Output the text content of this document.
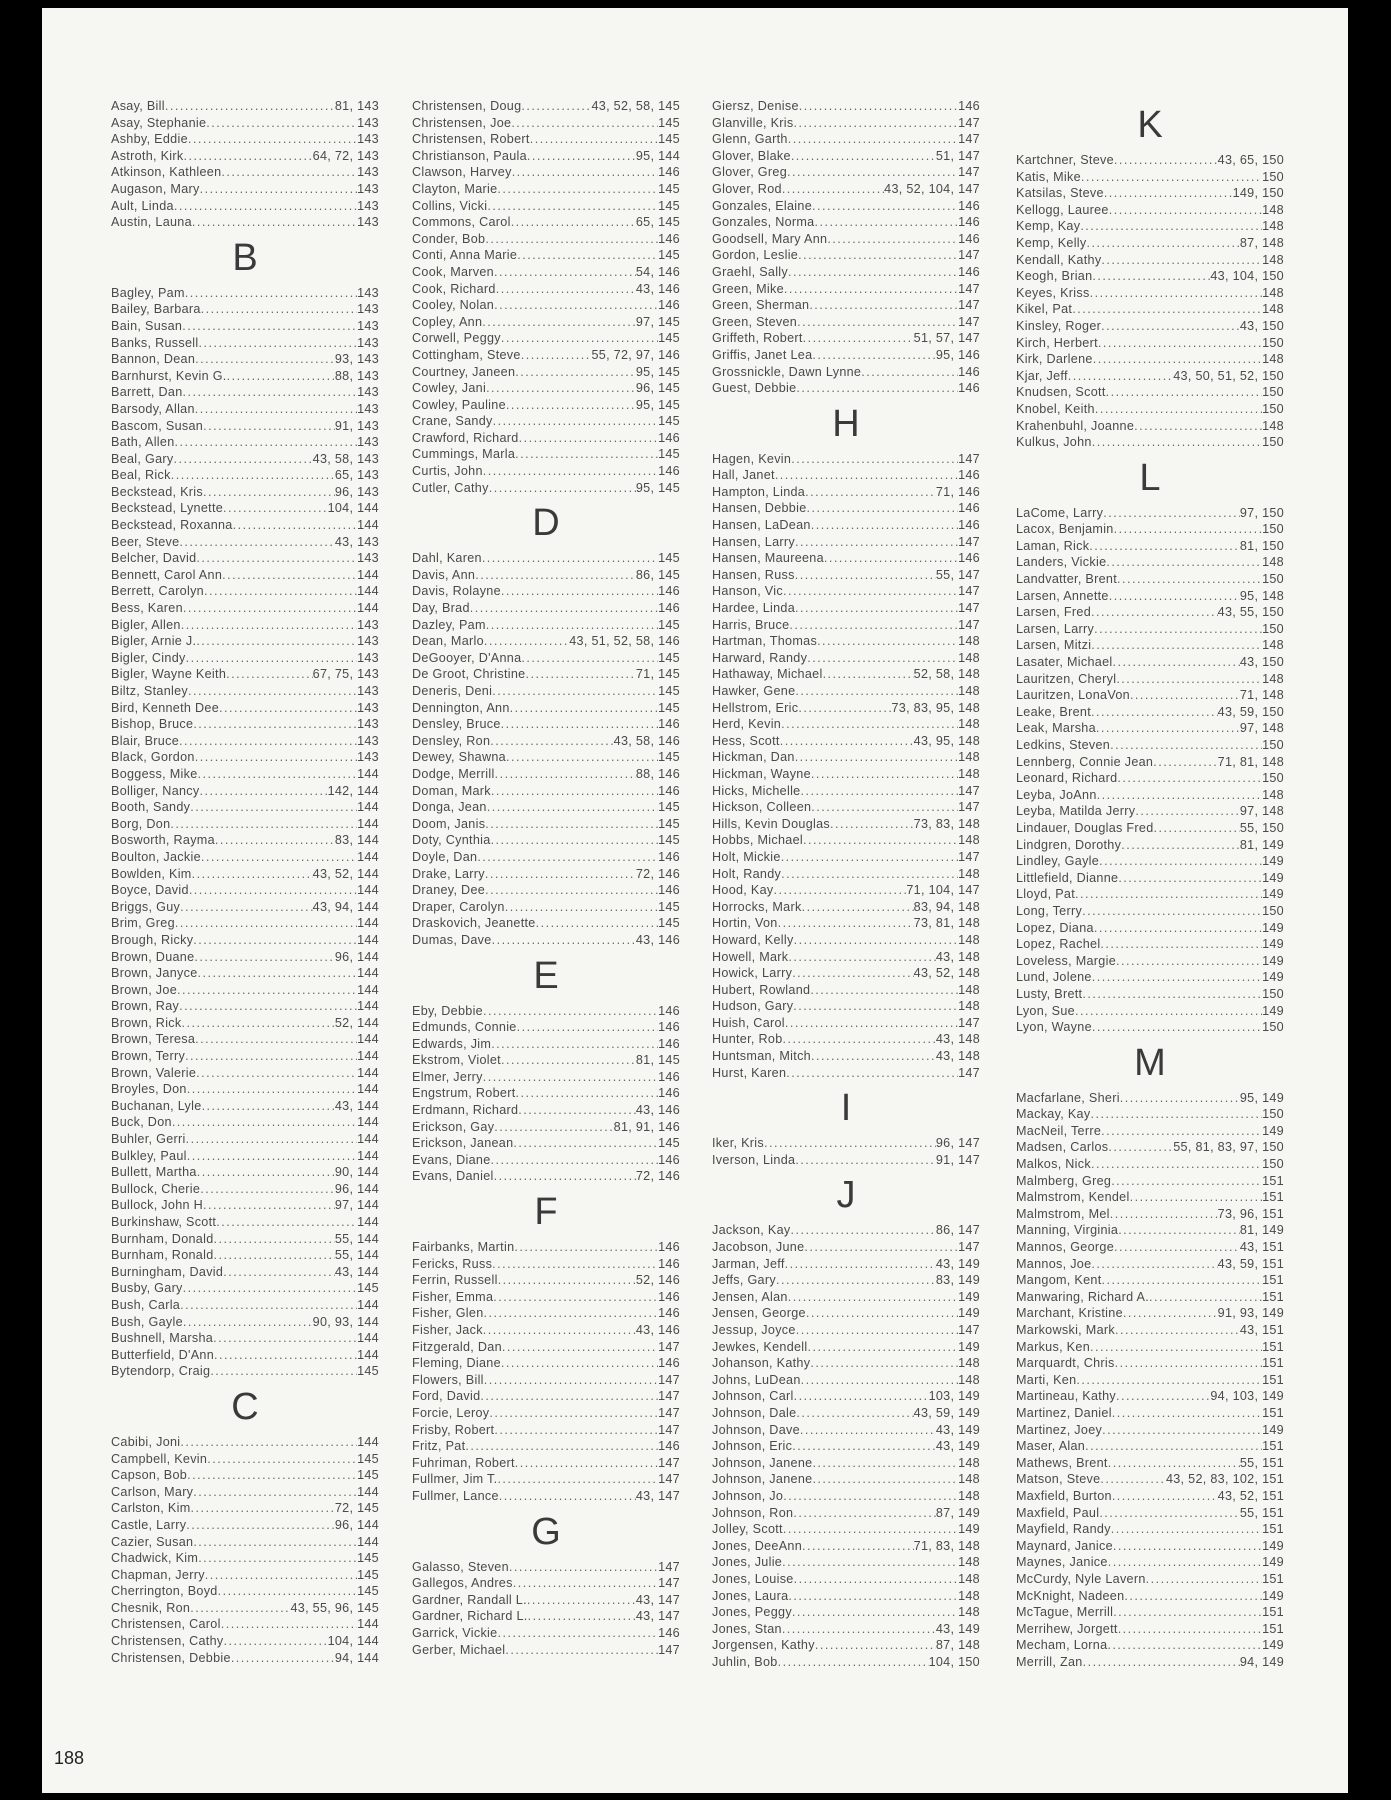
Asay, Bill .....	81, 143
Asay, Stephanie .....	143
Ashby, Eddie .....	143
Astroth, Kirk .....	64, 72, 143
Atkinson, Kathleen .....	143
Augason, Mary .....	143
Ault, Linda .....	143
Austin, Launa .....	143
B
Bagley, Pam .....	143
Bailey, Barbara .....	143
Bain, Susan .....	143
Banks, Russell .....	143
Bannon, Dean .....	93, 143
Barnhurst, Kevin G. .....	88, 143
Barrett, Dan .....	143
Barsody, Allan .....	143
Bascom, Susan .....	91, 143
Bath, Allen .....	143
Beal, Gary .....	43, 58, 143
Beal, Rick .....	65, 143
Beckstead, Kris .....	96, 143
Beckstead, Lynette .....	104, 144
Beckstead, Roxanna .....	144
Beer, Steve .....	43, 143
Belcher, David .....	143
Bennett, Carol Ann .....	144
Berrett, Carolyn .....	144
Bess, Karen .....	144
Bigler, Allen .....	143
Bigler, Arnie J. .....	143
Bigler, Cindy .....	143
Bigler, Wayne Keith .....	67, 75, 143
Biltz, Stanley .....	143
Bird, Kenneth Dee .....	143
Bishop, Bruce .....	143
Blair, Bruce .....	143
Black, Gordon .....	143
Boggess, Mike .....	144
Bolliger, Nancy .....	142, 144
Booth, Sandy .....	144
Borg, Don .....	144
Bosworth, Rayma .....	83, 144
Boulton, Jackie .....	144
Bowlden, Kim .....	43, 52, 144
Boyce, David .....	144
Briggs, Guy .....	43, 94, 144
Brim, Greg .....	144
Brough, Ricky .....	144
Brown, Duane .....	96, 144
Brown, Janyce .....	144
Brown, Joe .....	144
Brown, Ray .....	144
Brown, Rick .....	52, 144
Brown, Teresa .....	144
Brown, Terry .....	144
Brown, Valerie .....	144
Broyles, Don .....	144
Buchanan, Lyle .....	43, 144
Buck, Don .....	144
Buhler, Gerri .....	144
Bulkley, Paul .....	144
Bullett, Martha .....	90, 144
Bullock, Cherie .....	96, 144
Bullock, John H .....	97, 144
Burkinshaw, Scott .....	144
Burnham, Donald .....	55, 144
Burnham, Ronald .....	55, 144
Burningham, David .....	43, 144
Busby, Gary .....	145
Bush, Carla .....	144
Bush, Gayle .....	90, 93, 144
Bushnell, Marsha .....	144
Butterfield, D'Ann .....	144
Bytendorp, Craig .....	145
C
Cabibi, Joni .....	144
Campbell, Kevin .....	145
Capson, Bob .....	145
Carlson, Mary .....	144
Carlston, Kim .....	72, 145
Castle, Larry .....	96, 144
Cazier, Susan .....	144
Chadwick, Kim .....	145
Chapman, Jerry .....	145
Cherrington, Boyd .....	145
Chesnik, Ron .....	43, 55, 96, 145
Christensen, Carol .....	144
Christensen, Cathy .....	104, 144
Christensen, Debbie .....	94, 144
Christensen, Doug .....	43, 52, 58, 145
Christensen, Joe .....	145
Christensen, Robert .....	145
Christianson, Paula .....	95, 144
Clawson, Harvey .....	146
Clayton, Marie .....	145
Collins, Vicki .....	145
Commons, Carol .....	65, 145
Conder, Bob .....	146
Conti, Anna Marie .....	145
Cook, Marven .....	54, 146
Cook, Richard .....	43, 146
Cooley, Nolan .....	146
Copley, Ann .....	97, 145
Corwell, Peggy .....	145
Cottingham, Steve .....	55, 72, 97, 146
Courtney, Janeen .....	95, 145
Cowley, Jani .....	96, 145
Cowley, Pauline .....	95, 145
Crane, Sandy .....	145
Crawford, Richard .....	146
Cummings, Marla .....	145
Curtis, John .....	146
Cutler, Cathy .....	95, 145
D
Dahl, Karen .....	145
Davis, Ann .....	86, 145
Davis, Rolayne .....	146
Day, Brad .....	146
Dazley, Pam .....	145
Dean, Marlo .....	43, 51, 52, 58, 146
DeGooyer, D'Anna .....	145
De Groot, Christine .....	71, 145
Deneris, Deni .....	145
Dennington, Ann .....	145
Densley, Bruce .....	146
Densley, Ron .....	43, 58, 146
Dewey, Shawna .....	145
Dodge, Merrill .....	88, 146
Doman, Mark .....	146
Donga, Jean .....	145
Doom, Janis .....	145
Doty, Cynthia .....	145
Doyle, Dan .....	146
Drake, Larry .....	72, 146
Draney, Dee .....	146
Draper, Carolyn .....	145
Draskovich, Jeanette .....	145
Dumas, Dave .....	43, 146
E
Eby, Debbie .....	146
Edmunds, Connie .....	146
Edwards, Jim .....	146
Ekstrom, Violet .....	81, 145
Elmer, Jerry .....	146
Engstrum, Robert .....	146
Erdmann, Richard .....	43, 146
Erickson, Gay .....	81, 91, 146
Erickson, Janean .....	145
Evans, Diane .....	146
Evans, Daniel .....	72, 146
F
Fairbanks, Martin .....	146
Fericks, Russ .....	146
Ferrin, Russell .....	52, 146
Fisher, Emma .....	146
Fisher, Glen .....	146
Fisher, Jack .....	43, 146
Fitzgerald, Dan .....	147
Fleming, Diane .....	146
Flowers, Bill .....	147
Ford, David .....	147
Forcie, Leroy .....	147
Frisby, Robert .....	147
Fritz, Pat .....	146
Fuhriman, Robert .....	147
Fullmer, Jim T. .....	147
Fullmer, Lance .....	43, 147
G
Galasso, Steven .....	147
Gallegos, Andres .....	147
Gardner, Randall L. .....	43, 147
Gardner, Richard L. .....	43, 147
Garrick, Vickie .....	146
Gerber, Michael .....	147
Giersz, Denise .....	146
Glanville, Kris .....	147
Glenn, Garth .....	147
Glover, Blake .....	51, 147
Glover, Greg .....	147
Glover, Rod .....	43, 52, 104, 147
Gonzales, Elaine .....	146
Gonzales, Norma .....	146
Goodsell, Mary Ann .....	146
Gordon, Leslie .....	147
Graehl, Sally .....	146
Green, Mike .....	147
Green, Sherman .....	147
Green, Steven .....	147
Griffeth, Robert .....	51, 57, 147
Griffis, Janet Lea .....	95, 146
Grossnickle, Dawn Lynne .....	146
Guest, Debbie .....	146
H
Hagen, Kevin .....	147
Hall, Janet .....	146
Hampton, Linda .....	71, 146
Hansen, Debbie .....	146
Hansen, LaDean .....	146
Hansen, Larry .....	147
Hansen, Maureena .....	146
Hansen, Russ .....	55, 147
Hanson, Vic .....	147
Hardee, Linda .....	147
Harris, Bruce .....	147
Hartman, Thomas .....	148
Harward, Randy .....	148
Hathaway, Michael .....	52, 58, 148
Hawker, Gene .....	148
Hellstrom, Eric .....	73, 83, 95, 148
Herd, Kevin .....	148
Hess, Scott .....	43, 95, 148
Hickman, Dan .....	148
Hickman, Wayne .....	148
Hicks, Michelle .....	147
Hickson, Colleen .....	147
Hills, Kevin Douglas .....	73, 83, 148
Hobbs, Michael .....	148
Holt, Mickie .....	147
Holt, Randy .....	148
Hood, Kay .....	71, 104, 147
Horrocks, Mark .....	83, 94, 148
Hortin, Von .....	73, 81, 148
Howard, Kelly .....	148
Howell, Mark .....	43, 148
Howick, Larry .....	43, 52, 148
Hubert, Rowland .....	148
Hudson, Gary .....	148
Huish, Carol .....	147
Hunter, Rob .....	43, 148
Huntsman, Mitch .....	43, 148
Hurst, Karen .....	147
I
Iker, Kris .....	96, 147
Iverson, Linda .....	91, 147
J
Jackson, Kay .....	86, 147
Jacobson, June .....	147
Jarman, Jeff .....	43, 149
Jeffs, Gary .....	83, 149
Jensen, Alan .....	149
Jensen, George .....	149
Jessup, Joyce .....	147
Jewkes, Kendell .....	149
Johanson, Kathy .....	148
Johns, LuDean .....	148
Johnson, Carl .....	103, 149
Johnson, Dale .....	43, 59, 149
Johnson, Dave .....	43, 149
Johnson, Eric .....	43, 149
Johnson, Janene .....	148
Johnson, Janene .....	148
Johnson, Jo .....	148
Johnson, Ron .....	87, 149
Jolley, Scott .....	149
Jones, DeeAnn .....	71, 83, 148
Jones, Julie .....	148
Jones, Louise .....	148
Jones, Laura .....	148
Jones, Peggy .....	148
Jones, Stan .....	43, 149
Jorgensen, Kathy .....	87, 148
Juhlin, Bob .....	104, 150
K
Kartchner, Steve .....	43, 65, 150
Katis, Mike .....	150
Katsilas, Steve .....	149, 150
Kellogg, Lauree .....	148
Kemp, Kay .....	148
Kemp, Kelly .....	87, 148
Kendall, Kathy .....	148
Keogh, Brian .....	43, 104, 150
Keyes, Kriss .....	148
Kikel, Pat .....	148
Kinsley, Roger .....	43, 150
Kirch, Herbert .....	150
Kirk, Darlene .....	148
Kjar, Jeff .....	43, 50, 51, 52, 150
Knudsen, Scott .....	150
Knobel, Keith .....	150
Krahenbuhl, Joanne .....	148
Kulkus, John .....	150
L
LaCome, Larry .....	97, 150
Lacox, Benjamin .....	150
Laman, Rick .....	81, 150
Landers, Vickie .....	148
Landvatter, Brent .....	150
Larsen, Annette .....	95, 148
Larsen, Fred .....	43, 55, 150
Larsen, Larry .....	150
Larsen, Mitzi .....	148
Lasater, Michael .....	43, 150
Lauritzen, Cheryl .....	148
Lauritzen, LonaVon .....	71, 148
Leake, Brent .....	43, 59, 150
Leak, Marsha .....	97, 148
Ledkins, Steven .....	150
Lennberg, Connie Jean .....	71, 81, 148
Leonard, Richard .....	150
Leyba, JoAnn .....	148
Leyba, Matilda Jerry .....	97, 148
Lindauer, Douglas Fred .....	55, 150
Lindgren, Dorothy .....	81, 149
Lindley, Gayle .....	149
Littlefield, Dianne .....	149
Lloyd, Pat .....	149
Long, Terry .....	150
Lopez, Diana .....	149
Lopez, Rachel .....	149
Loveless, Margie .....	149
Lund, Jolene .....	149
Lusty, Brett .....	150
Lyon, Sue .....	149
Lyon, Wayne .....	150
M
Macfarlane, Sheri .....	95, 149
Mackay, Kay .....	150
MacNeil, Terre .....	149
Madsen, Carlos .....	55, 81, 83, 97, 150
Malkos, Nick .....	150
Malmberg, Greg .....	151
Malmstrom, Kendel .....	151
Malmstrom, Mel .....	73, 96, 151
Manning, Virginia .....	81, 149
Mannos, George .....	43, 151
Mannos, Joe .....	43, 59, 151
Mangom, Kent .....	151
Manwaring, Richard A. .....	151
Marchant, Kristine .....	91, 93, 149
Markowski, Mark .....	43, 151
Markus, Ken .....	151
Marquardt, Chris .....	151
Marti, Ken .....	151
Martineau, Kathy .....	94, 103, 149
Martinez, Daniel .....	151
Martinez, Joey .....	149
Maser, Alan .....	151
Mathews, Brent .....	55, 151
Matson, Steve .....	43, 52, 83, 102, 151
Maxfield, Burton .....	43, 52, 151
Maxfield, Paul .....	55, 151
Mayfield, Randy .....	151
Maynard, Janice .....	149
Maynes, Janice .....	149
McCurdy, Nyle Lavern .....	151
McKnight, Nadeen .....	149
McTague, Merrill .....	151
Merrihew, Jorgett .....	151
Mecham, Lorna .....	149
Merrill, Zan .....	94, 149
188
